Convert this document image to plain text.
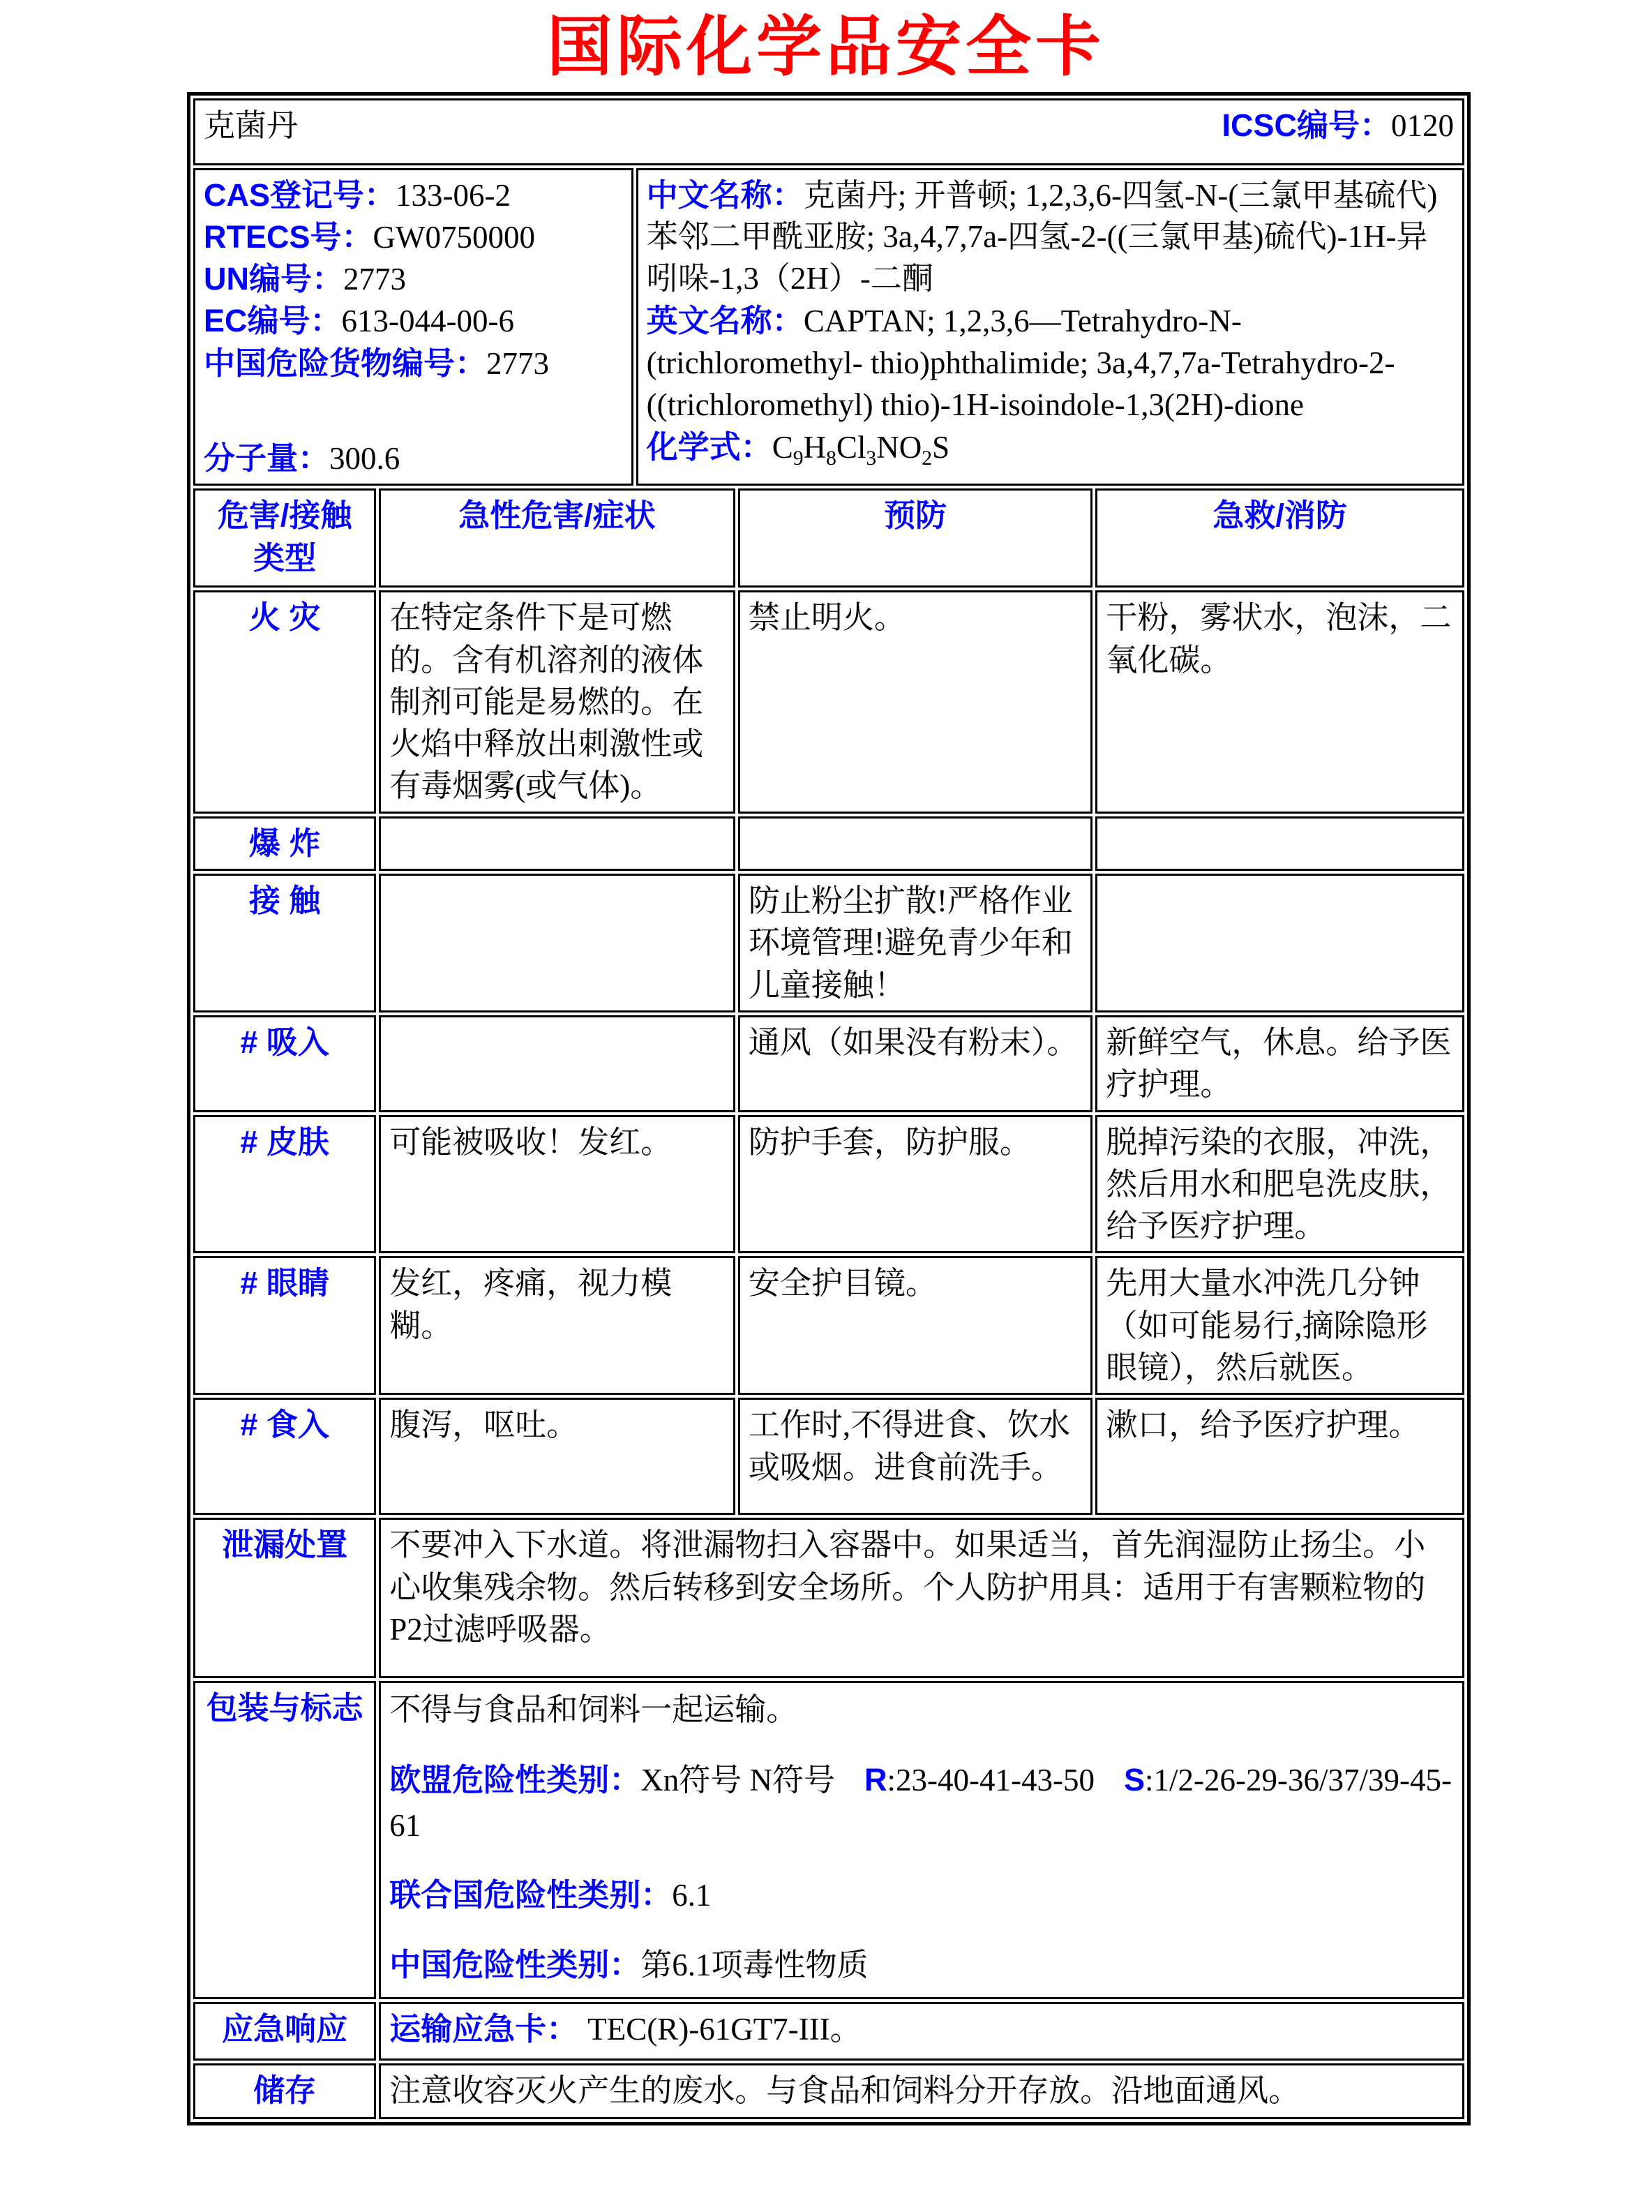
国际化学品安全卡
克菌丹 ICSC编号：0120				

CAS登记号：133-06-2
RTECS号：GW0750000
UN编号：2773
EC编号：613-044-00-6
中国危险货物编号：2773
分子量：300.6

中文名称：克菌丹; 开普顿; 1,2,3,6-四氢-N-(三氯甲基硫代)苯邻二甲酰亚胺; 3a,4,7,7a-四氢-2-((三氯甲基)硫代)-1H-异吲哚-1,3（2H）-二酮

英文名称：CAPTAN; 1,2,3,6—Tetrahydro-N-(trichloromethyl- thio)phthalimide; 3a,4,7,7a-Tetrahydro-2-((trichloromethyl) thio)-1H-isoindole-1,3(2H)-dione

化学式：$C_9H_8Cl_3NO_2S$

危害/接触
类型	急性危害/症状		预防	急救/消防
火 灾	在特定条件下是可燃的。含有机溶剂的液体制剂可能是易燃的。在火焰中释放出刺激性或有毒烟雾(或气体)。		禁止明火。	干粉，雾状水，泡沫，二氧化碳。
爆 炸				
接 触			防止粉尘扩散!严格作业环境管理!避免青少年和儿童接触！	
# 吸入			通风（如果没有粉末）。	新鲜空气，休息。给予医疗护理。
# 皮肤	可能被吸收！发红。		防护手套，防护服。	脱掉污染的衣服，冲洗，然后用水和肥皂洗皮肤，给予医疗护理。
# 眼睛	发红，疼痛，视力模糊。		安全护目镜。	先用大量水冲洗几分钟（如可能易行,摘除隐形眼镜），然后就医。
# 食入	腹泻，呕吐。		工作时,不得进食、饮水或吸烟。进食前洗手。	漱口，给予医疗护理。
泄漏处置	不要冲入下水道。将泄漏物扫入容器中。如果适当，首先润湿防止扬尘。小心收集残余物。然后转移到安全场所。个人防护用具：适用于有害颗粒物的P2过滤呼吸器。			
包装与标志	不得与食品和饲料一起运输。

欧盟危险性类别：Xn符号 N符号 R:23-40-41-43-50 S:1/2-26-29-36/37/39-45-61

联合国危险性类别：6.1

中国危险性类别：第6.1项毒性物质			

应急响应	运输应急卡： TEC(R)-61GT7-III。			
储存	注意收容灭火产生的废水。与食品和饲料分开存放。沿地面通风。			
